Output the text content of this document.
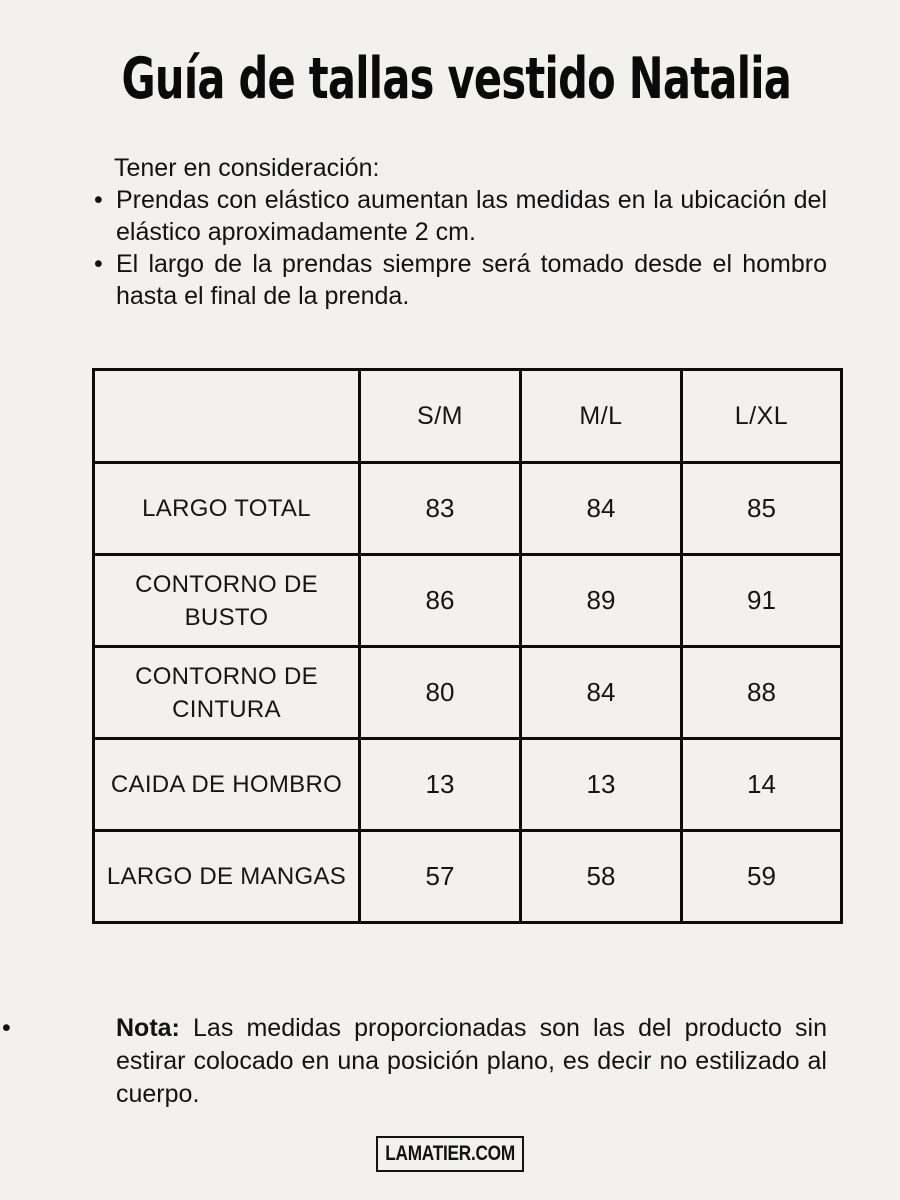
Guía de tallas vestido Natalia
Tener en consideración:
• Prendas con elástico aumentan las medidas en la ubicación del elástico aproximadamente 2 cm.
• El largo de la prendas siempre será tomado desde el hombro hasta el final de la prenda.
	S/M	M/L	L/XL
LARGO TOTAL	83	84	85
CONTORNO DE BUSTO	86	89	91
CONTORNO DE CINTURA	80	84	88
CAIDA DE HOMBRO	13	13	14
LARGO DE MANGAS	57	58	59
• Nota: Las medidas proporcionadas son las del producto sin estirar colocado en una posición plano, es decir no estilizado al cuerpo.
LAMATIER.COM
